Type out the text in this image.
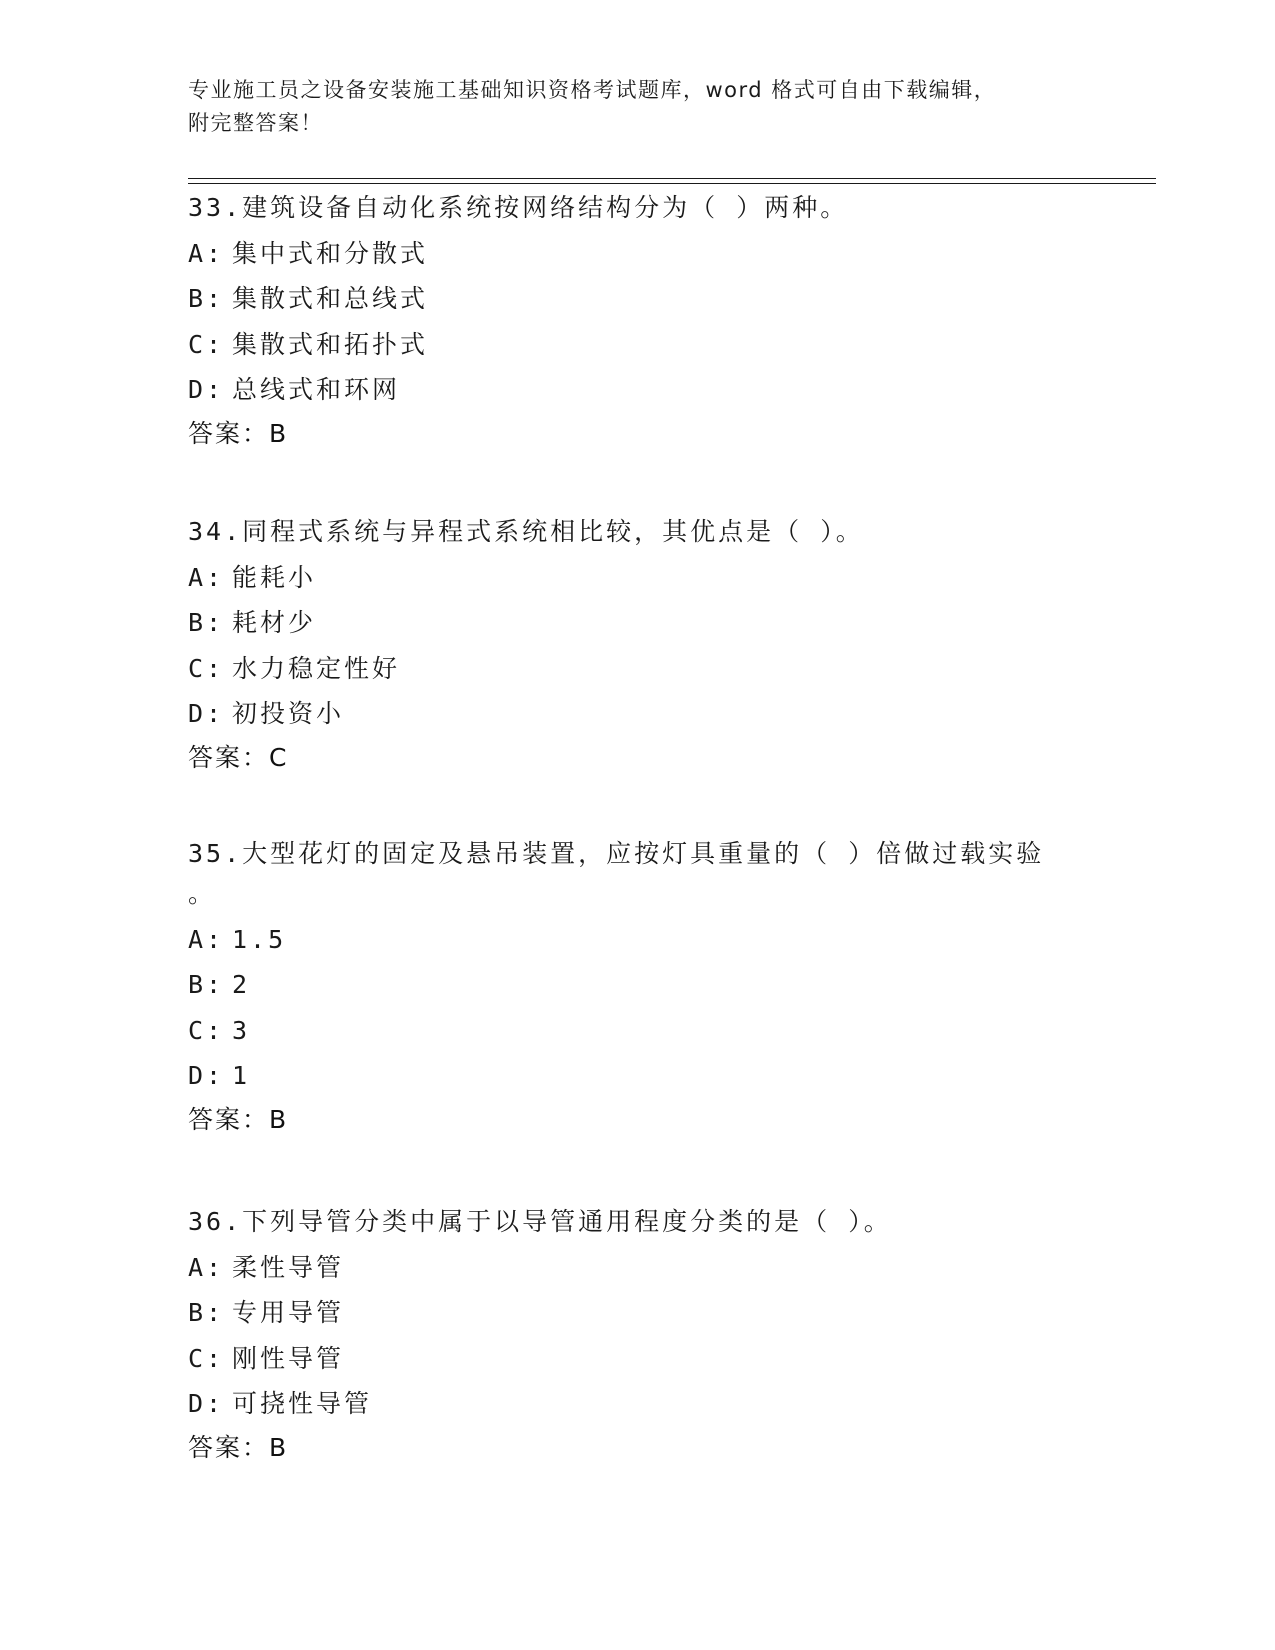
专业施工员之设备安装施工基础知识资格考试题库，word 格式可自由下载编辑，
附完整答案！
33.建筑设备自动化系统按网络结构分为（ ）两种。
A: 集中式和分散式
B: 集散式和总线式
C: 集散式和拓扑式
D: 总线式和环网
答案：B
34.同程式系统与异程式系统相比较，其优点是（ ）。
A: 能耗小
B: 耗材少
C: 水力稳定性好
D: 初投资小
答案：C
35.大型花灯的固定及悬吊装置，应按灯具重量的（ ）倍做过载实验
。
A: 1.5
B: 2
C: 3
D: 1
答案：B
36.下列导管分类中属于以导管通用程度分类的是（ ）。
A: 柔性导管
B: 专用导管
C: 刚性导管
D: 可挠性导管
答案：B
